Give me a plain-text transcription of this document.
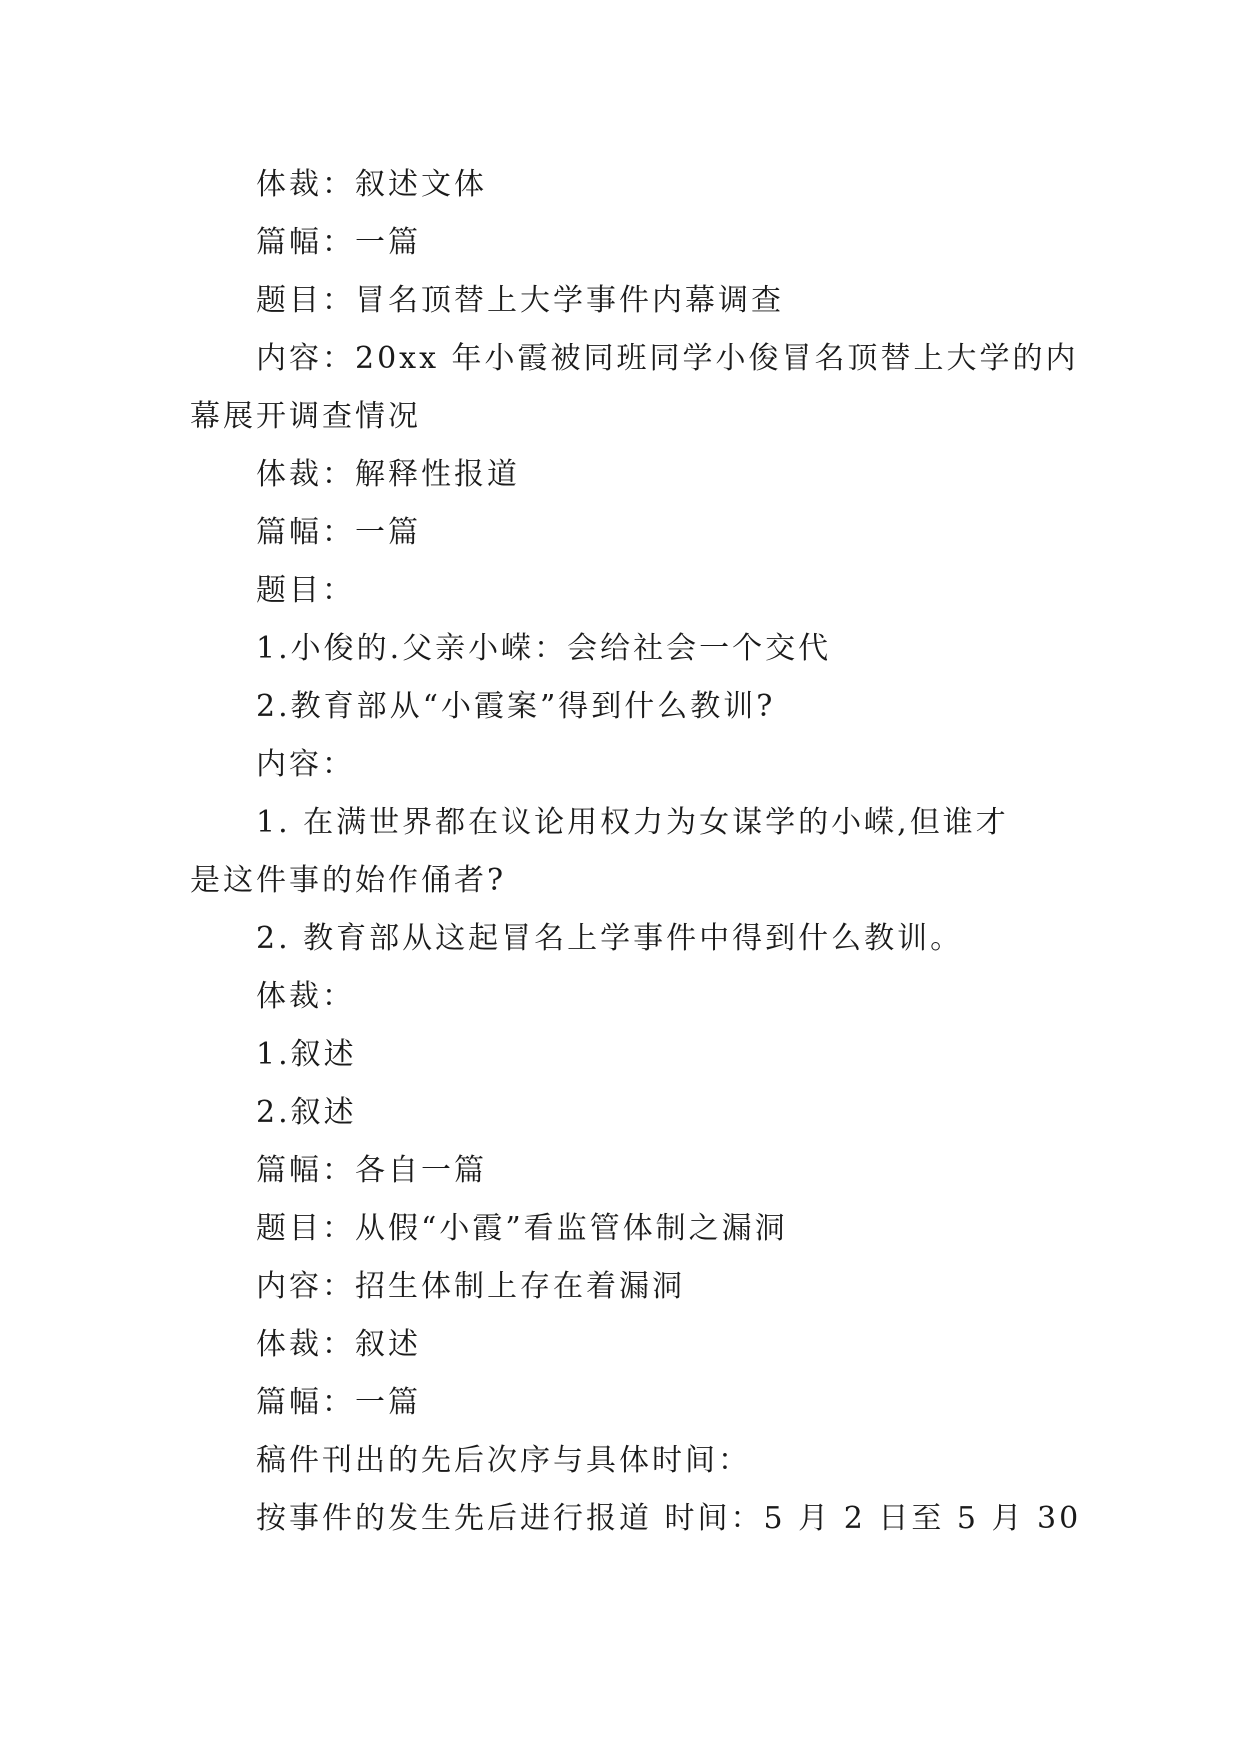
体裁：叙述文体

篇幅：一篇

题目：冒名顶替上大学事件内幕调查

内容：20xx 年小霞被同班同学小俊冒名顶替上大学的内

幕展开调查情况

体裁：解释性报道

篇幅：一篇

题目：

1.小俊的.父亲小嵘：会给社会一个交代

2.教育部从“小霞案”得到什么教训?

内容：

1. 在满世界都在议论用权力为女谋学的小嵘,但谁才

是这件事的始作俑者?

2. 教育部从这起冒名上学事件中得到什么教训。

体裁：

1.叙述

2.叙述

篇幅：各自一篇

题目：从假“小霞”看监管体制之漏洞

内容：招生体制上存在着漏洞

体裁：叙述

篇幅：一篇

稿件刊出的先后次序与具体时间：

按事件的发生先后进行报道 时间：5 月 2 日至 5 月 30
